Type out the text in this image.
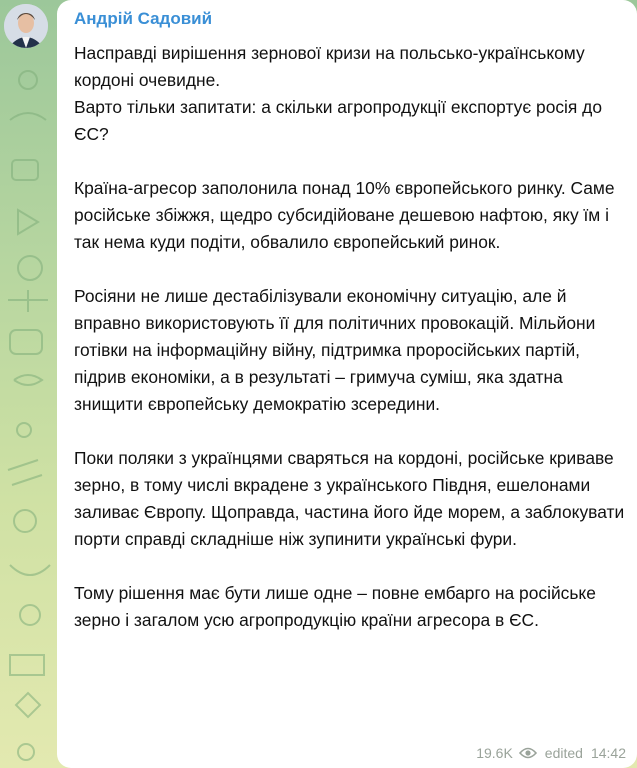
Андрій Садовий

Насправді вирішення зернової кризи на польсько-українському кордоні очевидне.
Варто тільки запитати: а скільки агропродукції експортує росія до ЄС?

Країна-агресор заполонила понад 10% європейського ринку. Саме російське збіжжя, щедро субсидійоване дешевою нафтою, яку їм і так нема куди подіти, обвалило європейський ринок.

Росіяни не лише дестабілізували економічну ситуацію, але й вправно використовують її для політичних провокацій. Мільйони готівки на інформаційну війну, підтримка проросійських партій, підрив економіки, а в результаті – гримуча суміш, яка здатна знищити європейську демократію зсередини.

Поки поляки з українцями сваряться на кордоні, російське криваве зерно, в тому числі вкрадене з українського Півдня, ешелонами заливає Європу. Щоправда, частина його йде морем, а заблокувати порти справді складніше ніж зупинити українські фури.

Тому рішення має бути лише одне – повне ембарго на російське зерно і загалом усю агропродукцію країни агресора в ЄС.

19.6K edited 14:42
